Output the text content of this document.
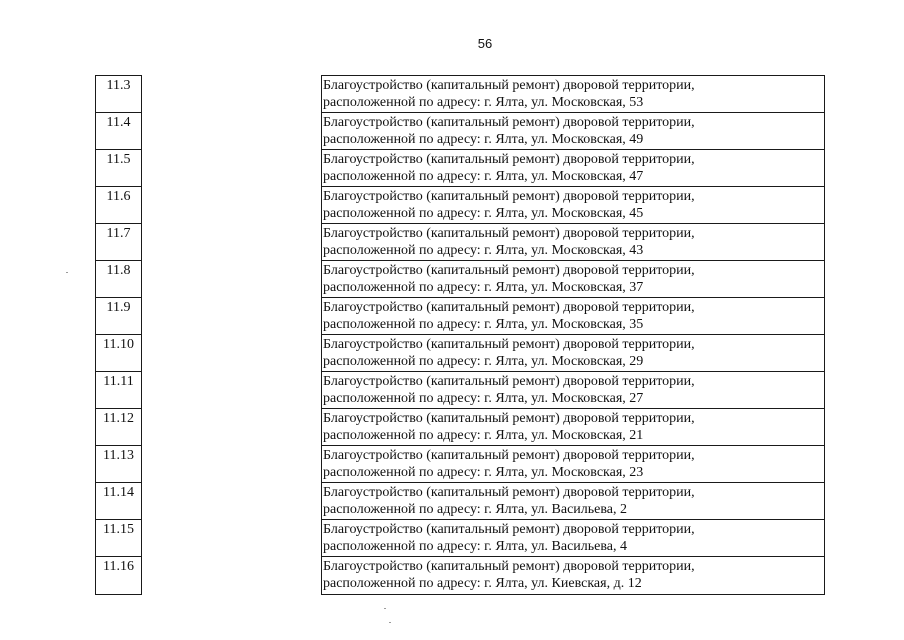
56
11.3	Благоустройство (капитальный ремонт) дворовой территории,
расположенной по адресу: г. Ялта, ул. Московская, 53
11.4	Благоустройство (капитальный ремонт) дворовой территории,
расположенной по адресу: г. Ялта, ул. Московская, 49
11.5	Благоустройство (капитальный ремонт) дворовой территории,
расположенной по адресу: г. Ялта, ул. Московская, 47
11.6	Благоустройство (капитальный ремонт) дворовой территории,
расположенной по адресу: г. Ялта, ул. Московская, 45
11.7	Благоустройство (капитальный ремонт) дворовой территории,
расположенной по адресу: г. Ялта, ул. Московская, 43
11.8	Благоустройство (капитальный ремонт) дворовой территории,
расположенной по адресу: г. Ялта, ул. Московская, 37
11.9	Благоустройство (капитальный ремонт) дворовой территории,
расположенной по адресу: г. Ялта, ул. Московская, 35
11.10	Благоустройство (капитальный ремонт) дворовой территории,
расположенной по адресу: г. Ялта, ул. Московская, 29
11.11	Благоустройство (капитальный ремонт) дворовой территории,
расположенной по адресу: г. Ялта, ул. Московская, 27
11.12	Благоустройство (капитальный ремонт) дворовой территории,
расположенной по адресу: г. Ялта, ул. Московская, 21
11.13	Благоустройство (капитальный ремонт) дворовой территории,
расположенной по адресу: г. Ялта, ул. Московская, 23
11.14	Благоустройство (капитальный ремонт) дворовой территории,
расположенной по адресу: г. Ялта, ул. Васильева, 2
11.15	Благоустройство (капитальный ремонт) дворовой территории,
расположенной по адресу: г. Ялта, ул. Васильева, 4
11.16	Благоустройство (капитальный ремонт) дворовой территории,
расположенной по адресу: г. Ялта, ул. Киевская, д. 12
